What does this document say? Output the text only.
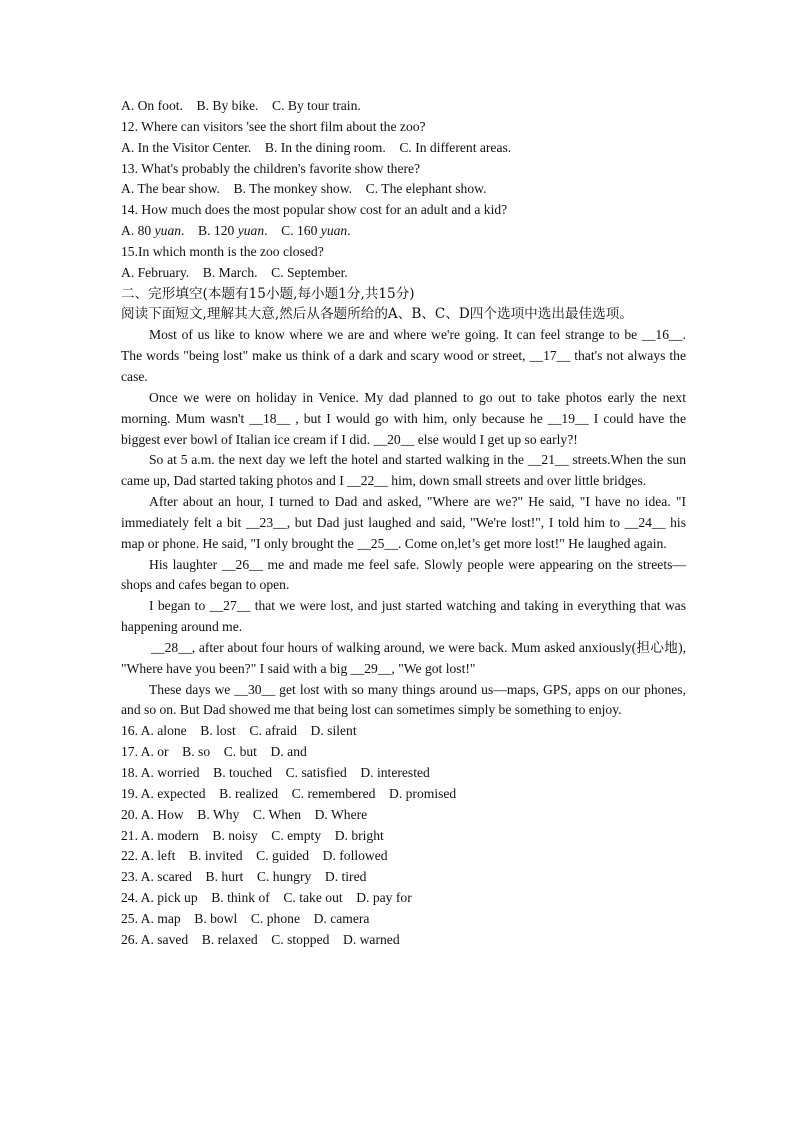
A. On foot.    B. By bike.    C. By tour train.

12. Where can visitors 'see the short film about the zoo?

A. In the Visitor Center.    B. In the dining room.    C. In different areas.

13. What's probably the children's favorite show there?

A. The bear show.    B. The monkey show.    C. The elephant show.

14. How much does the most popular show cost for an adult and a kid?

A. 80 yuan.    B. 120 yuan.    C. 160 yuan.

15.In which month is the zoo closed?

A. February.    B. March.    C. September.

二、完形填空(本题有15小题,每小题1分,共15分)

阅读下面短文,理解其大意,然后从各题所给的A、B、C、D四个选项中选出最佳选项。

Most of us like to know where we are and where we're going. It can feel strange to be __16__. The words "being lost" make us think of a dark and scary wood or street, __17__ that's not always the case.

Once we were on holiday in Venice. My dad planned to go out to take photos early the next morning. Mum wasn't __18__ , but I would go with him, only because he __19__ I could have the biggest ever bowl of Italian ice cream if I did. __20__ else would I get up so early?!

So at 5 a.m. the next day we left the hotel and started walking in the __21__ streets.When the sun came up, Dad started taking photos and I __22__ him, down small streets and over little bridges.

After about an hour, I turned to Dad and asked, "Where are we?" He said, "I have no idea. "I immediately felt a bit __23__, but Dad just laughed and said, "We're lost!", I told him to __24__ his map or phone. He said, "I only brought the __25__. Come on,let’s get more lost!" He laughed again.

His laughter __26__ me and made me feel safe. Slowly people were appearing on the streets—shops and cafes began to open.

I began to __27__ that we were lost, and just started watching and taking in everything that was happening around me.

__28__, after about four hours of walking around, we were back. Mum asked anxiously(担心地), "Where have you been?" I said with a big __29__, "We got lost!"

These days we __30__ get lost with so many things around us—maps, GPS, apps on our phones, and so on. But Dad showed me that being lost can sometimes simply be something to enjoy.

16. A. alone    B. lost    C. afraid    D. silent

17. A. or    B. so    C. but    D. and

18. A. worried    B. touched    C. satisfied    D. interested

19. A. expected    B. realized    C. remembered    D. promised

20. A. How    B. Why    C. When    D. Where

21. A. modern    B. noisy    C. empty    D. bright

22. A. left    B. invited    C. guided    D. followed

23. A. scared    B. hurt    C. hungry    D. tired

24. A. pick up    B. think of    C. take out    D. pay for

25. A. map    B. bowl    C. phone    D. camera

26. A. saved    B. relaxed    C. stopped    D. warned
